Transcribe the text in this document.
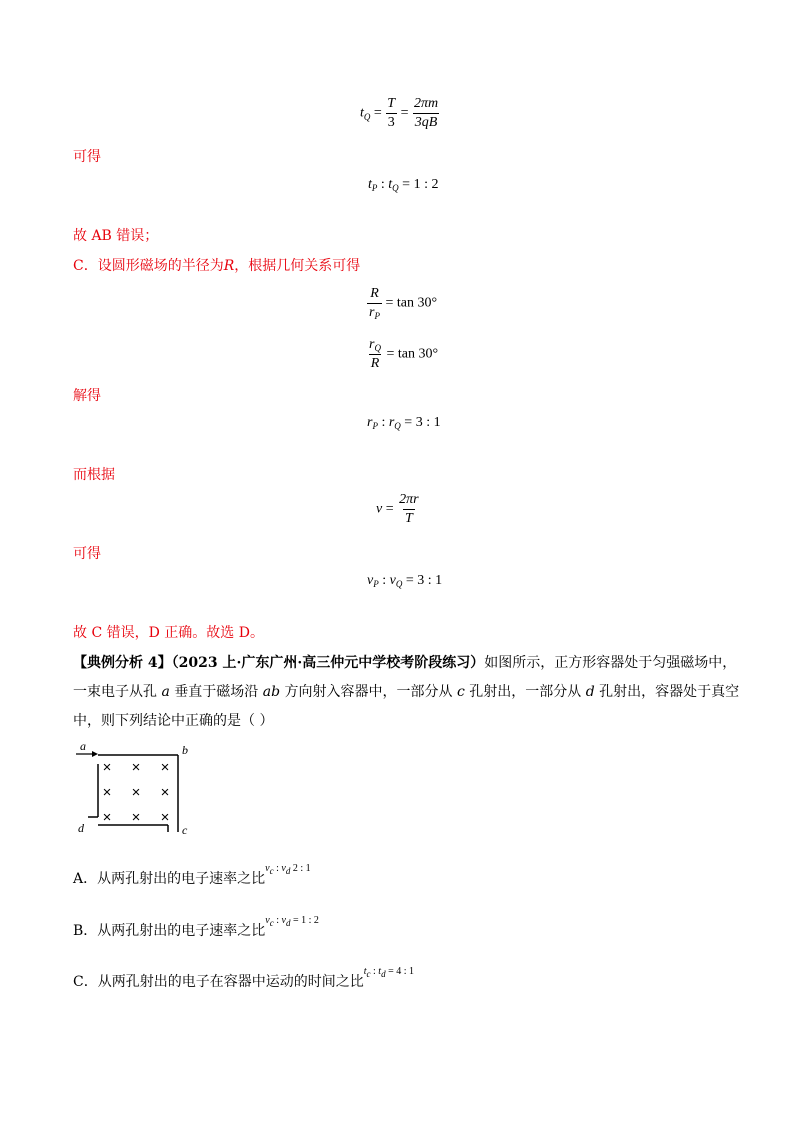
$t_Q = \frac{T}{3} = \frac{2\pi m}{3qB}$
可得
$t_P$ : $t_Q = 1$ : 2
故 AB 错误；
C．设圆形磁场的半径为R，根据几何关系可得
$\frac{R}{r_P} = \tan 30^\circ$
$\frac{r_Q}{R} = \tan 30^\circ$
解得
$r_P$ : $r_Q = 3$ : 1
而根据
$v = \frac{2\pi r}{T}$
可得
$v_P$ : $v_Q = 3$ : 1
故 C 错误，D 正确。故选 D。
【典例分析 4】（2023 上·广东广州·高三仲元中学校考阶段练习）如图所示，正方形容器处于匀强磁场中，
一束电子从孔 a 垂直于磁场沿 ab 方向射入容器中，一部分从 c 孔射出，一部分从 d 孔射出，容器处于真空
中，则下列结论中正确的是（ ）
a	b
c
d
× × ×
× × ×
× × ×
A．从两孔射出的电子速率之比vc : vd 2 : 1
B．从两孔射出的电子速率之比vc : vd = 1 : 2
C．从两孔射出的电子在容器中运动的时间之比tc : td = 4 : 1
